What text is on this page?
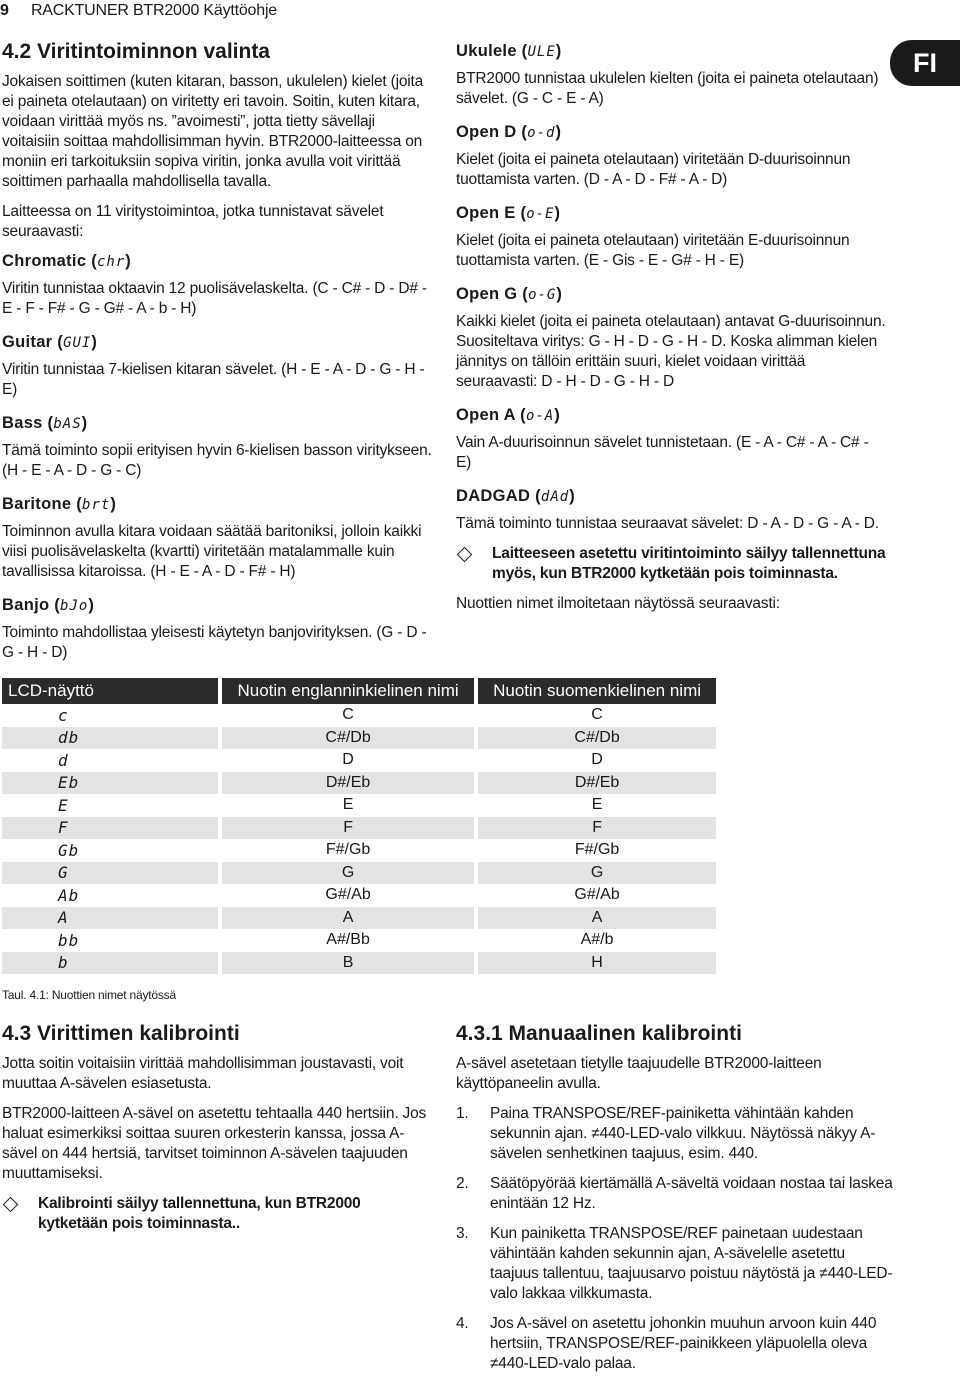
9 RACKTUNER BTR2000 Käyttöohje
FI
4.2 Viritintoiminnon valinta

Jokaisen soittimen (kuten kitaran, basson, ukulelen) kielet (joita ei paineta otelautaan) on viritetty eri tavoin. Soitin, kuten kitara, voidaan virittää myös ns. ”avoimesti”, jotta tietty sävellaji voitaisiin soittaa mahdollisimman hyvin. BTR2000-laitteessa on moniin eri tarkoituksiin sopiva viritin, jonka avulla voit virittää soittimen parhaalla mahdollisella tavalla.

Laitteessa on 11 viritystoimintoa, jotka tunnistavat sävelet seuraavasti:

Chromatic (chr)

Viritin tunnistaa oktaavin 12 puolisävelaskelta. (C - C# - D - D# - E - F - F# - G - G# - A - b - H)

Guitar (GUI)

Viritin tunnistaa 7-kielisen kitaran sävelet. (H - E - A - D - G - H - E)

Bass (bAS)

Tämä toiminto sopii erityisen hyvin 6-kielisen basson viritykseen. (H - E - A - D - G - C)

Baritone (brt)

Toiminnon avulla kitara voidaan säätää baritoniksi, jolloin kaikki viisi puolisävelaskelta (kvartti) viritetään matalammalle kuin tavallisissa kitaroissa. (H - E - A - D - F# - H)

Banjo (bJo)

Toiminto mahdollistaa yleisesti käytetyn banjovirityksen. (G - D - G - H - D)

Ukulele (ULE)

BTR2000 tunnistaa ukulelen kielten (joita ei paineta otelautaan) sävelet. (G - C - E - A)

Open D (o-d)

Kielet (joita ei paineta otelautaan) viritetään D-duurisoinnun tuottamista varten. (D - A - D - F# - A - D)

Open E (o-E)

Kielet (joita ei paineta otelautaan) viritetään E-duurisoinnun tuottamista varten. (E - Gis - E - G# - H - E)

Open G (o-G)

Kaikki kielet (joita ei paineta otelautaan) antavat G-duurisoinnun. Suositeltava viritys: G - H - D - G - H - D. Koska alimman kielen jännitys on tällöin erittäin suuri, kielet voidaan virittää seuraavasti: D - H - D - G - H - D

Open A (o-A)

Vain A-duurisoinnun sävelet tunnistetaan. (E - A - C# - A - C# - E)

DADGAD (dAd)

Tämä toiminto tunnistaa seuraavat sävelet: D - A - D - G - A - D.

Laitteeseen asetettu viritintoiminto säilyy tallennettuna myös, kun BTR2000 kytketään pois toiminnasta.

Nuottien nimet ilmoitetaan näytössä seuraavasti:

LCD-näyttö	Nuotin englanninkielinen nimi	Nuotin suomenkielinen nimi
c	C	C
db	C#/Db	C#/Db
d	D	D
Eb	D#/Eb	D#/Eb
E	E	E
F	F	F
Gb	F#/Gb	F#/Gb
G	G	G
Ab	G#/Ab	G#/Ab
A	A	A
bb	A#/Bb	A#/b
b	B	H
Taul. 4.1: Nuottien nimet näytössä
4.3 Virittimen kalibrointi

Jotta soitin voitaisiin virittää mahdollisimman joustavasti, voit muuttaa A-sävelen esiasetusta.

BTR2000-laitteen A-sävel on asetettu tehtaalla 440 hertsiin. Jos haluat esimerkiksi soittaa suuren orkesterin kanssa, jossa A-sävel on 444 hertsiä, tarvitset toiminnon A-sävelen taajuuden muuttamiseksi.

Kalibrointi säilyy tallennettuna, kun BTR2000 kytketään pois toiminnasta..

4.3.1 Manuaalinen kalibrointi

A-sävel asetetaan tietylle taajuudelle BTR2000-laitteen käyttöpaneelin avulla.

1.	Paina TRANSPOSE/REF-painiketta vähintään kahden sekunnin ajan. ≠440-LED-valo vilkkuu. Näytössä näkyy A-sävelen senhetkinen taajuus, esim. 440.
2.	Säätöpyörää kiertämällä A-säveltä voidaan nostaa tai laskea enintään 12 Hz.
3.	Kun painiketta TRANSPOSE/REF painetaan uudestaan vähintään kahden sekunnin ajan, A-sävelelle asetettu taajuus tallentuu, taajuusarvo poistuu näytöstä ja ≠440-LED-valo lakkaa vilkkumasta.
4.	Jos A-sävel on asetettu johonkin muuhun arvoon kuin 440 hertsiin, TRANSPOSE/REF-painikkeen yläpuolella oleva ≠440-LED-valo palaa.
